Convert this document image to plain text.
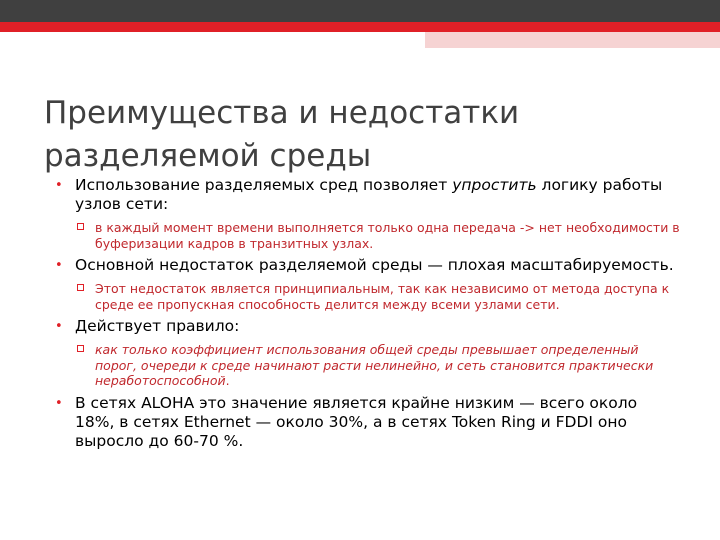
Преимущества и недостатки
разделяемой среды
• Использование разделяемых сред позволяет упростить логику работы узлов сети:
в каждый момент времени выполняется только одна передача -> нет необходимости в буферизации кадров в транзитных узлах.
• Основной недостаток разделяемой среды — плохая масштабируемость.
Этот недостаток является принципиальным, так как независимо от метода доступа к среде ее пропускная способность делится между всеми узлами сети.
• Действует правило:
как только коэффициент использования общей среды превышает определенный порог, очереди к среде начинают расти нелинейно, и сеть становится практически неработоспособной.
• В сетях ALOHA это значение является крайне низким — всего около 18%, в сетях Ethernet — около 30%, а в сетях Token Ring и FDDI оно выросло до 60-70 %.
